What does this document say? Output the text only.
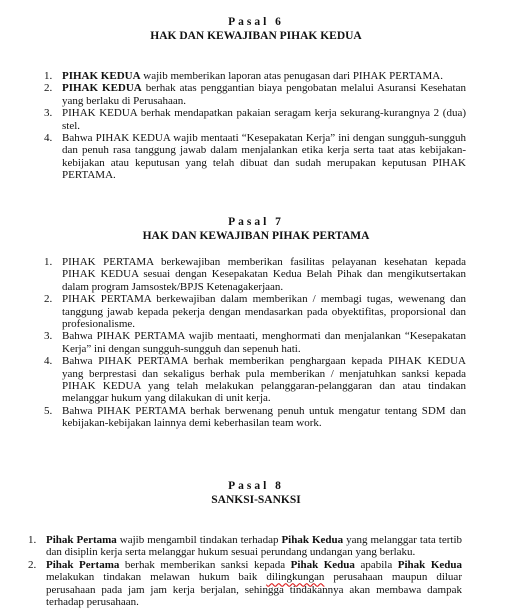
Pasal 6
HAK DAN KEWAJIBAN PIHAK KEDUA
1. PIHAK KEDUA wajib memberikan laporan atas penugasan dari PIHAK PERTAMA.
2. PIHAK KEDUA berhak atas penggantian biaya pengobatan melalui Asuransi Kesehatan yang berlaku di Perusahaan.
3. PIHAK KEDUA berhak mendapatkan pakaian seragam kerja sekurang-kurangnya 2 (dua) stel.
4. Bahwa PIHAK KEDUA wajib mentaati “Kesepakatan Kerja” ini dengan sungguh-sungguh dan penuh rasa tanggung jawab dalam menjalankan etika kerja serta taat atas kebijakan-kebijakan atau keputusan yang telah dibuat dan sudah merupakan keputusan PIHAK PERTAMA.
Pasal 7
HAK DAN KEWAJIBAN PIHAK PERTAMA
1. PIHAK PERTAMA berkewajiban memberikan fasilitas pelayanan kesehatan kepada PIHAK KEDUA sesuai dengan Kesepakatan Kedua Belah Pihak dan mengikutsertakan dalam program Jamsostek/BPJS Ketenagakerjaan.
2. PIHAK PERTAMA berkewajiban dalam memberikan / membagi tugas, wewenang dan tanggung jawab kepada pekerja dengan mendasarkan pada obyektifitas, proporsional dan profesionalisme.
3. Bahwa PIHAK PERTAMA wajib mentaati, menghormati dan menjalankan “Kesepakatan Kerja” ini dengan sungguh-sungguh dan sepenuh hati.
4. Bahwa PIHAK PERTAMA berhak memberikan penghargaan kepada PIHAK KEDUA yang berprestasi dan sekaligus berhak pula memberikan / menjatuhkan sanksi kepada PIHAK KEDUA yang telah melakukan pelanggaran-pelanggaran dan atau tindakan melanggar hukum yang dilakukan di unit kerja.
5. Bahwa PIHAK PERTAMA berhak berwenang penuh untuk mengatur tentang SDM dan kebijakan-kebijakan lainnya demi keberhasilan team work.
Pasal 8
SANKSI-SANKSI
1. Pihak Pertama wajib mengambil tindakan terhadap Pihak Kedua yang melanggar tata tertib dan disiplin kerja serta melanggar hukum sesuai perundang undangan yang berlaku.
2. Pihak Pertama berhak memberikan sanksi kepada Pihak Kedua apabila Pihak Kedua melakukan tindakan melawan hukum baik dilingkungan perusahaan maupun diluar perusahaan pada jam jam kerja berjalan, sehingga tindakannya akan membawa dampak terhadap perusahaan.
